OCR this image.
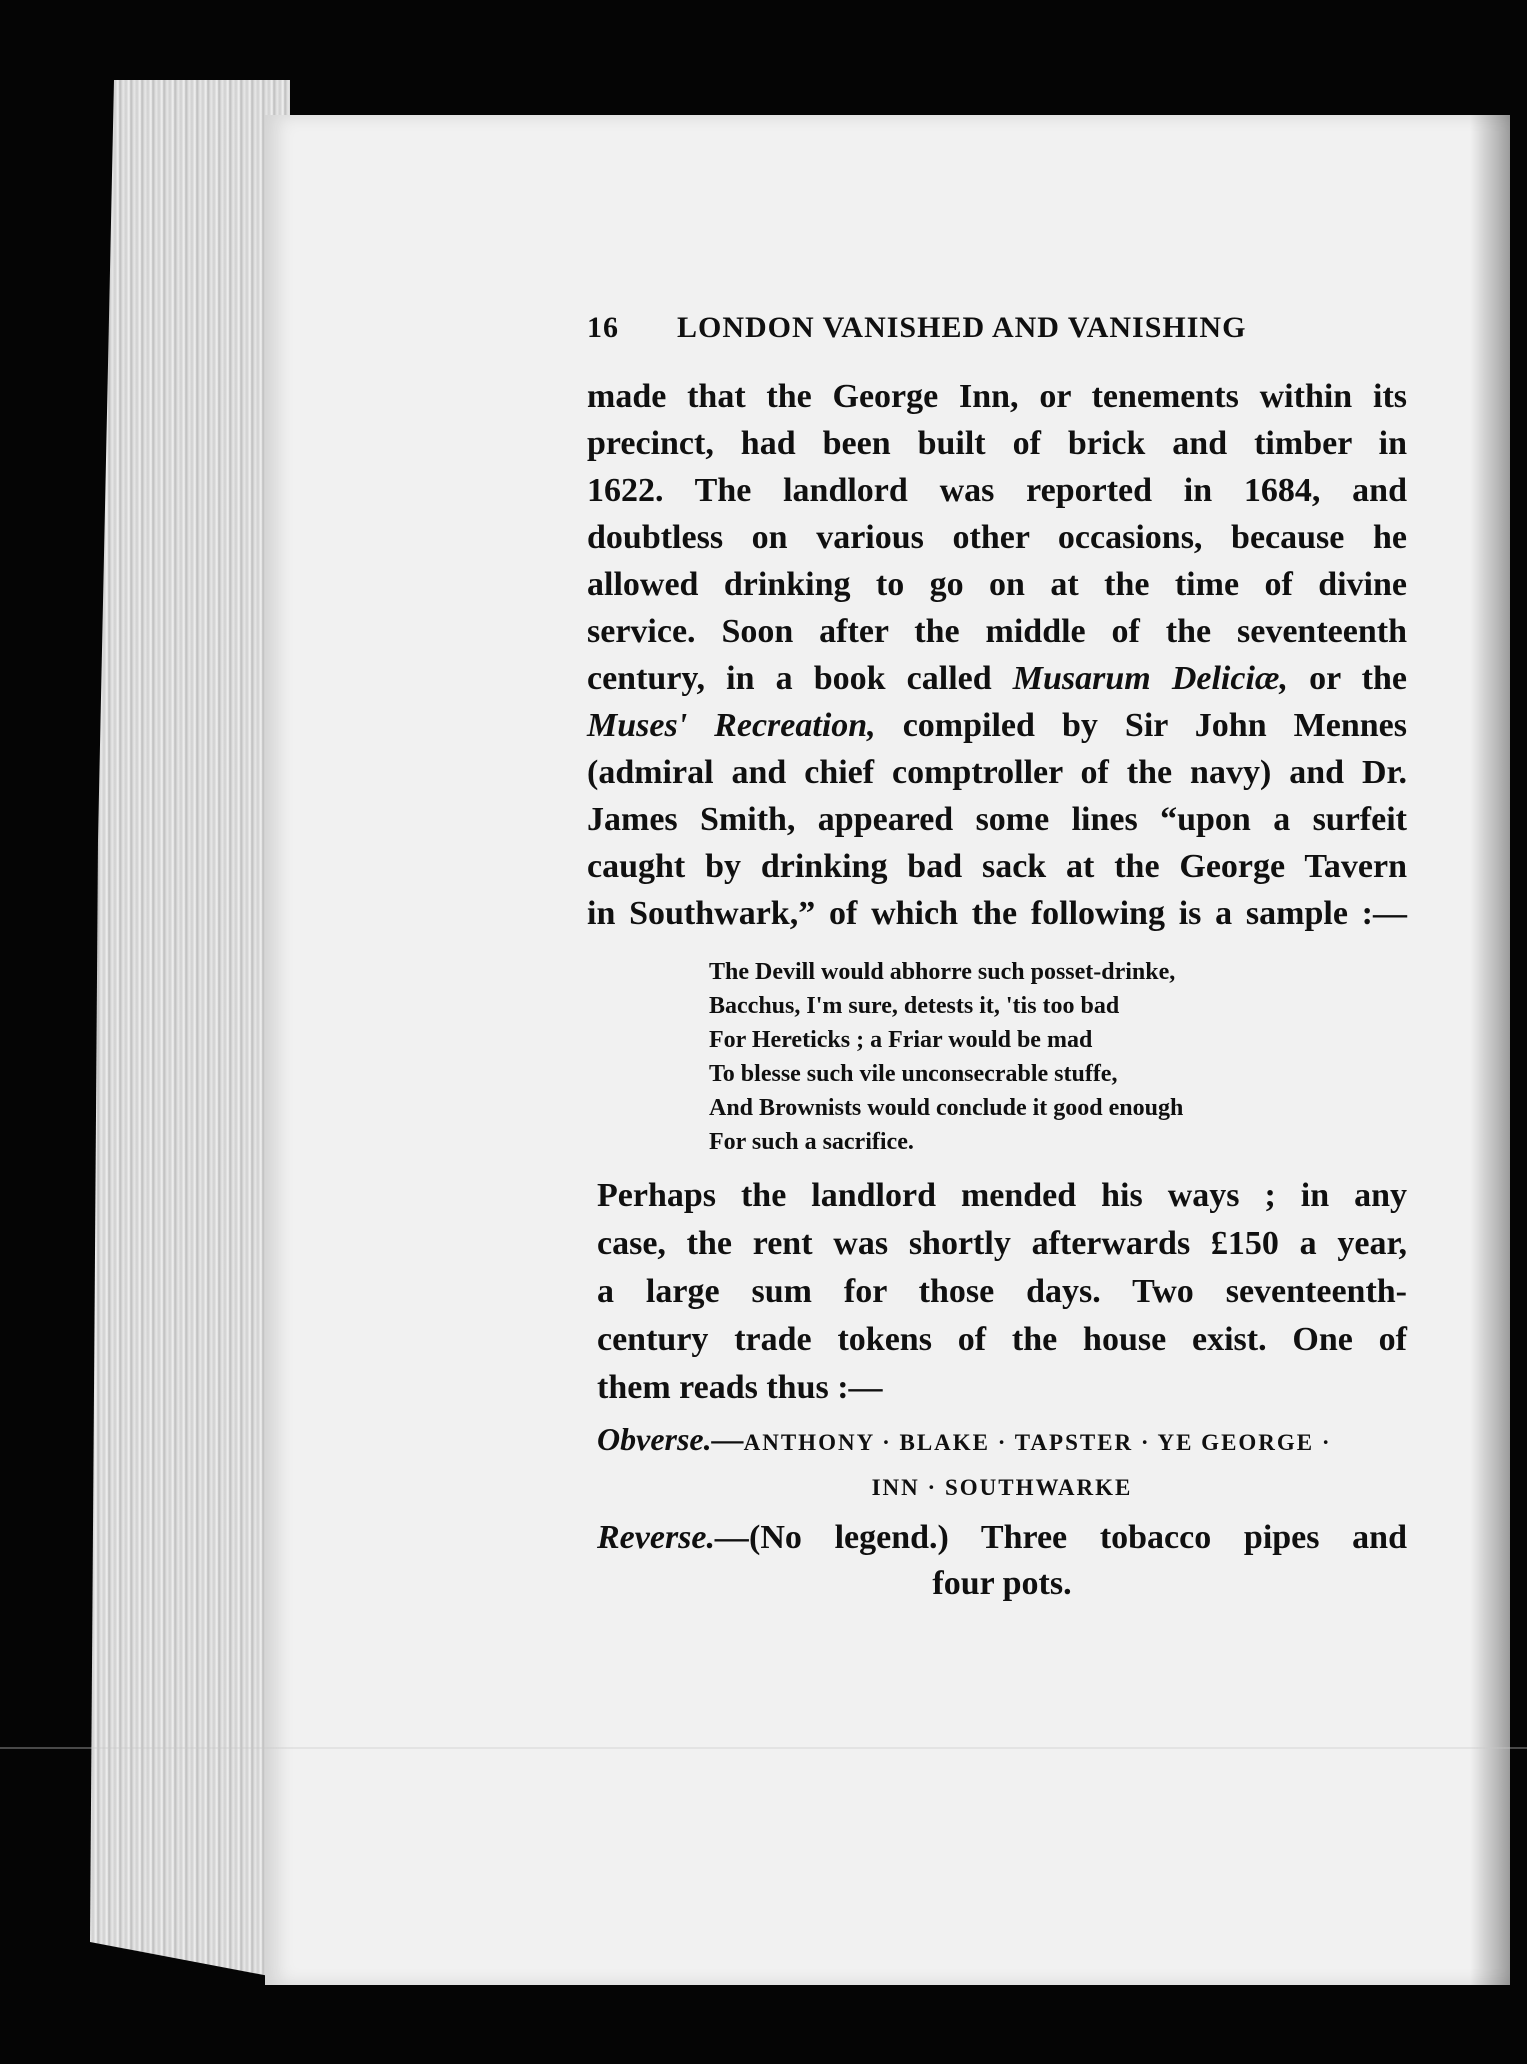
16 LONDON VANISHED AND VANISHING
made that the George Inn, or tenements within its
precinct, had been built of brick and timber in
1622. The landlord was reported in 1684, and
doubtless on various other occasions, because he
allowed drinking to go on at the time of divine
service. Soon after the middle of the seventeenth
century, in a book called Musarum Deliciæ, or the
Muses' Recreation, compiled by Sir John Mennes
(admiral and chief comptroller of the navy) and Dr.
James Smith, appeared some lines “upon a surfeit
caught by drinking bad sack at the George Tavern
in Southwark,” of which the following is a sample :—
The Devill would abhorre such posset-drinke,
Bacchus, I'm sure, detests it, 'tis too bad
For Hereticks ; a Friar would be mad
To blesse such vile unconsecrable stuffe,
And Brownists would conclude it good enough
For such a sacrifice.
Perhaps the landlord mended his ways ; in any
case, the rent was shortly afterwards £150 a year,
a large sum for those days. Two seventeenth-
century trade tokens of the house exist. One of
them reads thus :—
Obverse.—ANTHONY · BLAKE · TAPSTER · YE GEORGE ·
INN · SOUTHWARKE
Reverse.—(No legend.) Three tobacco pipes and
four pots.
